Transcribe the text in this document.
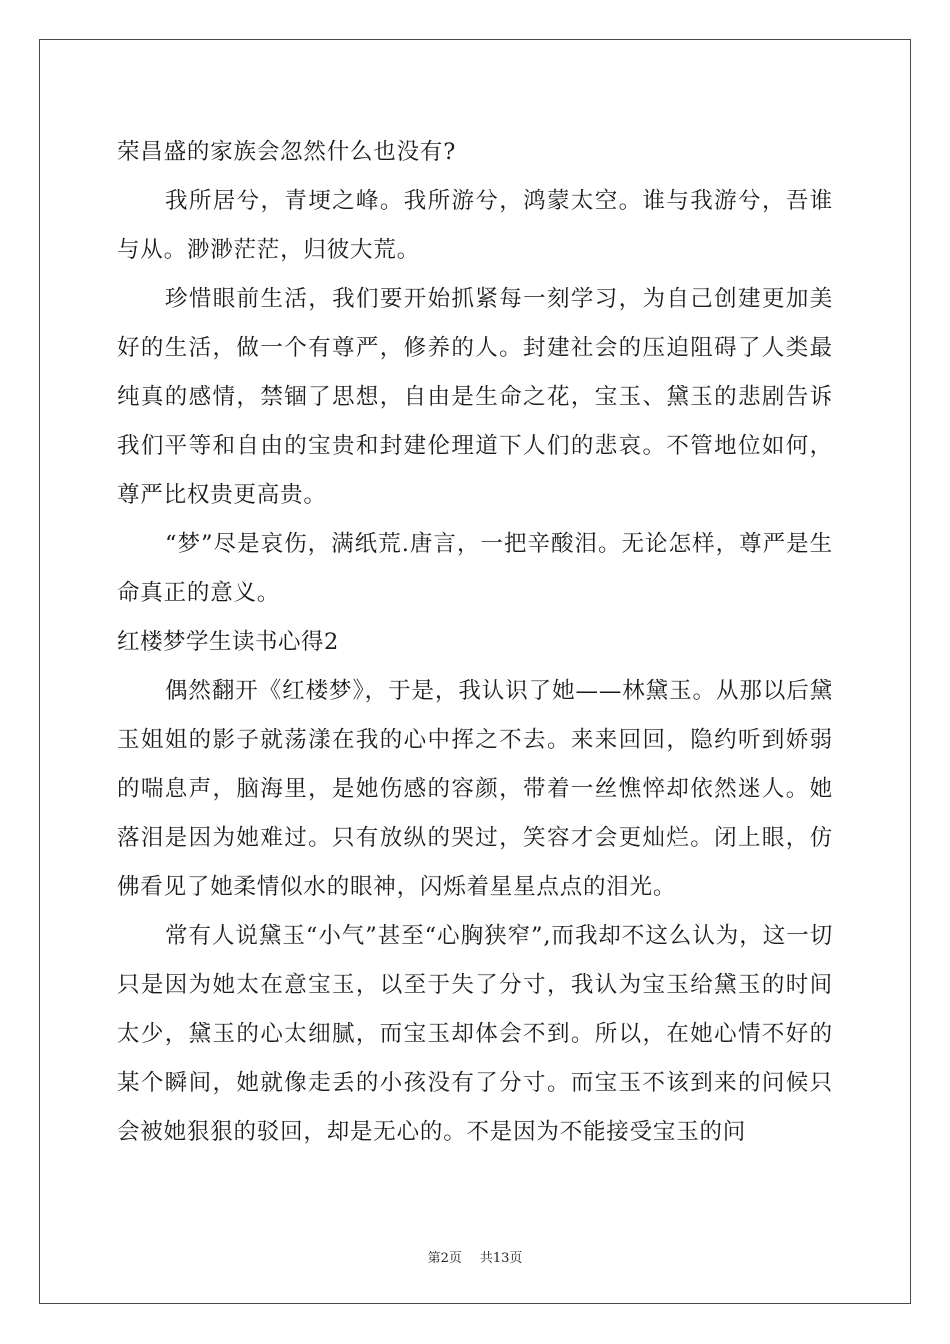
荣昌盛的家族会忽然什么也没有?

我所居兮，青埂之峰。我所游兮，鸿蒙太空。谁与我游兮，吾谁与从。渺渺茫茫，归彼大荒。

珍惜眼前生活，我们要开始抓紧每一刻学习，为自己创建更加美好的生活，做一个有尊严，修养的人。封建社会的压迫阻碍了人类最纯真的感情，禁锢了思想，自由是生命之花，宝玉、黛玉的悲剧告诉我们平等和自由的宝贵和封建伦理道下人们的悲哀。不管地位如何，尊严比权贵更高贵。

“梦”尽是哀伤，满纸荒.唐言，一把辛酸泪。无论怎样，尊严是生命真正的意义。

红楼梦学生读书心得2

偶然翻开《红楼梦》，于是，我认识了她——林黛玉。从那以后黛玉姐姐的影子就荡漾在我的心中挥之不去。来来回回，隐约听到娇弱的喘息声，脑海里，是她伤感的容颜，带着一丝憔悴却依然迷人。她落泪是因为她难过。只有放纵的哭过，笑容才会更灿烂。闭上眼，仿佛看见了她柔情似水的眼神，闪烁着星星点点的泪光。

常有人说黛玉“小气”甚至“心胸狭窄”,而我却不这么认为，这一切只是因为她太在意宝玉，以至于失了分寸，我认为宝玉给黛玉的时间太少，黛玉的心太细腻，而宝玉却体会不到。所以，在她心情不好的某个瞬间，她就像走丢的小孩没有了分寸。而宝玉不该到来的问候只会被她狠狠的驳回，却是无心的。不是因为不能接受宝玉的问

第2页 共13页
